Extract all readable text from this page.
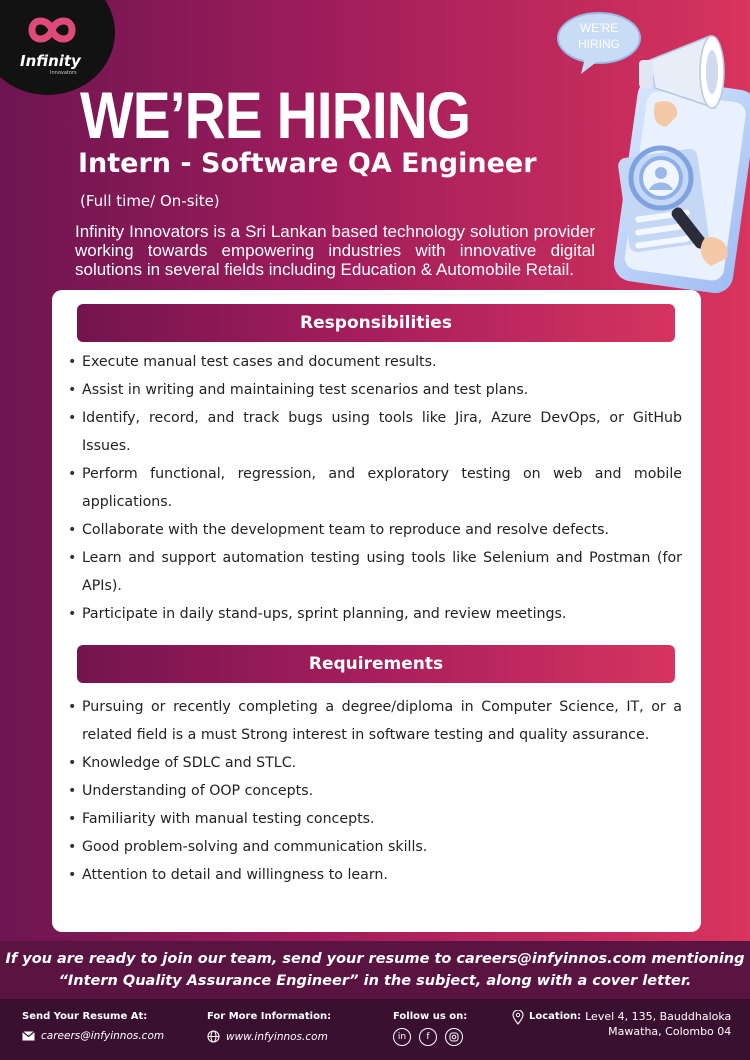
Infinity
Innovators
WE'RE
HIRING
WE’RE HIRING
Intern - Software QA Engineer
(Full time/ On-site)
Infinity Innovators is a Sri Lankan based technology solution provider working towards empowering industries with innovative digital solutions in several fields including Education & Automobile Retail.
Responsibilities
• Execute manual test cases and document results.
• Assist in writing and maintaining test scenarios and test plans.
• Identify, record, and track bugs using tools like Jira, Azure DevOps, or GitHub Issues.
• Perform functional, regression, and exploratory testing on web and mobile applications.
• Collaborate with the development team to reproduce and resolve defects.
• Learn and support automation testing using tools like Selenium and Postman (for APIs).
• Participate in daily stand-ups, sprint planning, and review meetings.
Requirements
• Pursuing or recently completing a degree/diploma in Computer Science, IT, or a related field is a must Strong interest in software testing and quality assurance.
• Knowledge of SDLC and STLC.
• Understanding of OOP concepts.
• Familiarity with manual testing concepts.
• Good problem-solving and communication skills.
• Attention to detail and willingness to learn.
If you are ready to join our team, send your resume to careers@infyinnos.com mentioning
“Intern Quality Assurance Engineer” in the subject, along with a cover letter.
Send Your Resume At:
careers@infyinnos.com
For More Information:
www.infyinnos.com
Follow us on:
in	f
Location: Level 4, 135, Bauddhaloka
Mawatha, Colombo 04
